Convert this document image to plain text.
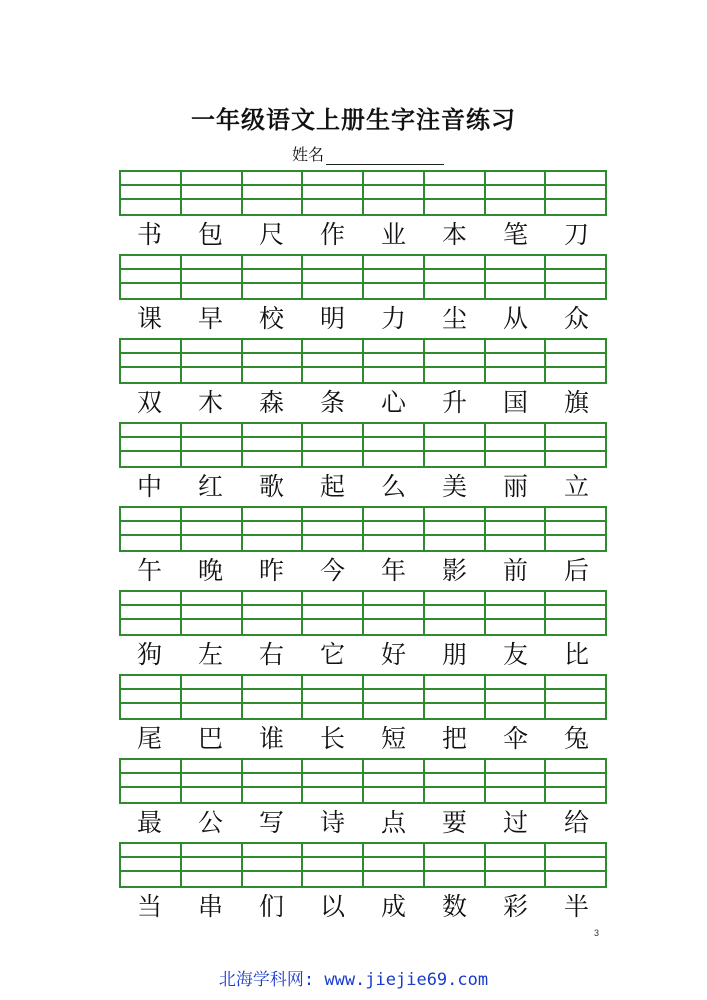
一年级语文上册生字注音练习
姓名
书	包	尺	作	业	本	笔	刀
课	早	校	明	力	尘	从	众
双	木	森	条	心	升	国	旗
中	红	歌	起	么	美	丽	立
午	晚	昨	今	年	影	前	后
狗	左	右	它	好	朋	友	比
尾	巴	谁	长	短	把	伞	兔
最	公	写	诗	点	要	过	给
当	串	们	以	成	数	彩	半
3
北海学科网: www.jiejie69.com
